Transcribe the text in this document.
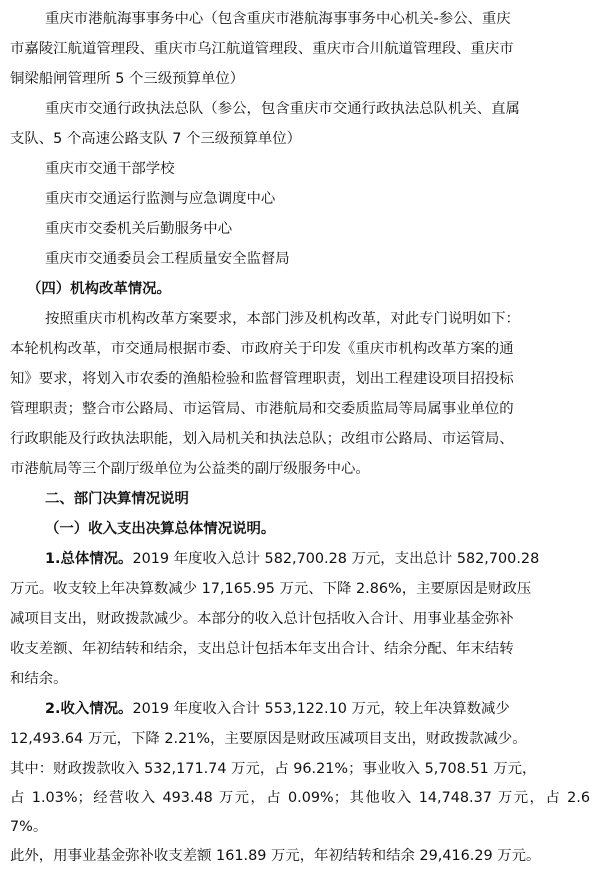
重庆市港航海事事务中心（包含重庆市港航海事事务中心机关-参公、重庆

市嘉陵江航道管理段、重庆市乌江航道管理段、重庆市合川航道管理段、重庆市

铜梁船闸管理所 5 个三级预算单位）

重庆市交通行政执法总队（参公，包含重庆市交通行政执法总队机关、直属

支队、5 个高速公路支队 7 个三级预算单位）

重庆市交通干部学校

重庆市交通运行监测与应急调度中心

重庆市交委机关后勤服务中心

重庆市交通委员会工程质量安全监督局

（四）机构改革情况。

按照重庆市机构改革方案要求，本部门涉及机构改革，对此专门说明如下：

本轮机构改革，市交通局根据市委、市政府关于印发《重庆市机构改革方案的通

知》要求，将划入市农委的渔船检验和监督管理职责，划出工程建设项目招投标

管理职责；整合市公路局、市运管局、市港航局和交委质监局等局属事业单位的

行政职能及行政执法职能，划入局机关和执法总队；改组市公路局、市运管局、

市港航局等三个副厅级单位为公益类的副厅级服务中心。

二、部门决算情况说明

（一）收入支出决算总体情况说明。

1.总体情况。2019 年度收入总计 582,700.28 万元，支出总计 582,700.28

万元。收支较上年决算数减少 17,165.95 万元、下降 2.86%，主要原因是财政压

减项目支出，财政拨款减少。本部分的收入总计包括收入合计、用事业基金弥补

收支差额、年初结转和结余，支出总计包括本年支出合计、结余分配、年末结转

和结余。

2.收入情况。2019 年度收入合计 553,122.10 万元，较上年决算数减少

12,493.64 万元，下降 2.21%，主要原因是财政压减项目支出，财政拨款减少。

其中：财政拨款收入 532,171.74 万元，占 96.21%；事业收入 5,708.51 万元，

占 1.03%；经营收入 493.48 万元，占 0.09%；其他收入 14,748.37 万元，占 2.67%。

此外，用事业基金弥补收支差额 161.89 万元，年初结转和结余 29,416.29 万元。
